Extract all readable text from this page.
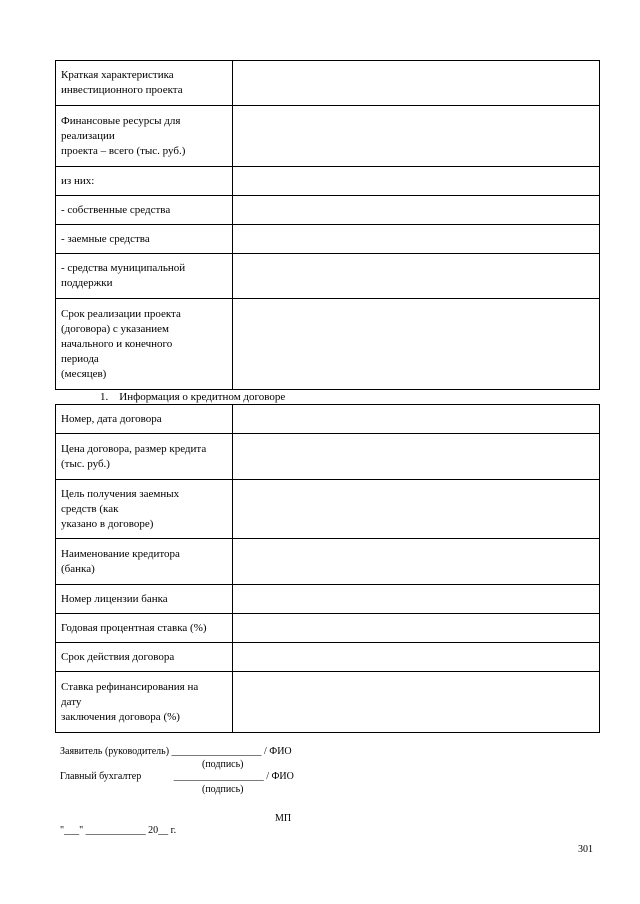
Краткая характеристика
инвестиционного проекта	

Финансовые ресурсы для
реализации
проекта – всего (тыс. руб.)	

из них:	

- собственные средства	

- заемные средства	

- средства муниципальной
поддержки	

Срок реализации проекта
(договора) с указанием
начального и конечного
периода
(месяцев)	

1.    Информация о кредитном договоре
Номер, дата договора	

Цена договора, размер кредита
(тыс. руб.)	

Цель получения заемных
средств (как
указано в договоре)	

Наименование кредитора
(банка)	

Номер лицензии банка	

Годовая процентная ставка (%)	

Срок действия договора	

Ставка рефинансирования на
дату
заключения договора (%)	

Заявитель (руководитель) __________________ / ФИО
(подпись)
Главный бухгалтер             __________________ / ФИО
(подпись)
МП
"___" ____________ 20__ г.
301
